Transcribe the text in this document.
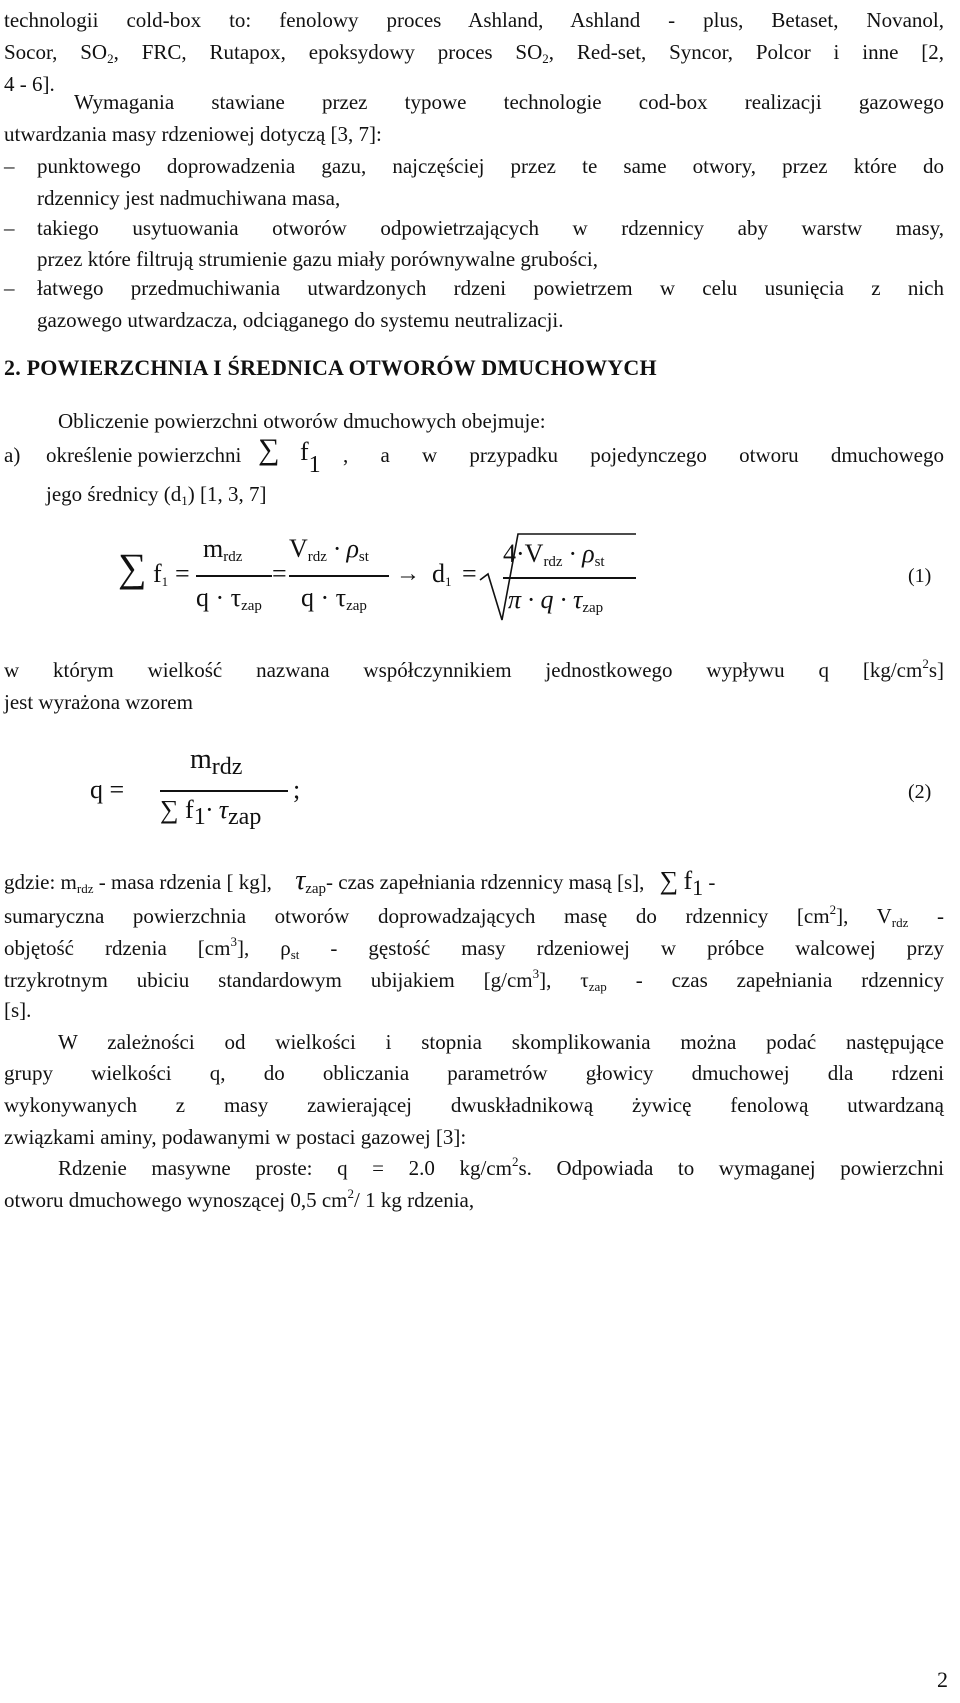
technologii cold-box to: fenolowy proces Ashland, Ashland - plus, Betaset, Novanol,
Socor, $SO_2$, FRC, Rutapox, epoksydowy proces $SO_2$, Red-set, Syncor, Polcor i inne [2,
4 - 6].
Wymagania stawiane przez typowe technologie cod-box realizacji gazowego
utwardzania masy rdzeniowej dotyczą [3, 7]:
– punktowego doprowadzenia gazu, najczęściej przez te same otwory, przez które do
rdzennicy jest nadmuchiwana masa,
– takiego usytuowania otworów odpowietrzających w rdzennicy aby warstw masy,
przez które filtrują strumienie gazu miały porównywalne grubości,
– łatwego przedmuchiwania utwardzonych rdzeni powietrzem w celu usunięcia z nich
gazowego utwardzacza, odciąganego do systemu neutralizacji.
2. POWIERZCHNIA I ŚREDNICA OTWORÓW DMUCHOWYCH
Obliczenie powierzchni otworów dmuchowych obejmuje:
a) określenie powierzchni ∑ f1 , a w przypadku pojedynczego otworu dmuchowego
jego średnicy $(d_1)$ [1, 3, 7]
∑ $f_1$ =
$m_{rdz}$
$q \cdot \tau_{zap}$
=
$V_{rdz} \cdot \rho_{st}$
$q \cdot \tau_{zap}$
→ $d_1$ =
$4\cdot V_{rdz} \cdot \rho_{st}$
$\pi \cdot q \cdot \tau_{zap}$
(1)
w którym wielkość nazwana współczynnikiem jednostkowego wypływu q $[kg/cm^2s]$
jest wyrażona wzorem
q =
mrdz
∑ f1· τzap
;	(2)
gdzie: $m_{rdz}$ - masa rdzenia [ kg], $\tau_{zap}-$ czas zapełniania rdzennicy masą [s], ∑ f1 -
sumaryczna powierzchnia otworów doprowadzających masę do rdzennicy $[cm^2]$, $V_{rdz}$ -
objętość rdzenia $[cm^3]$, $\rho_{st}$ - gęstość masy rdzeniowej w próbce walcowej przy
trzykrotnym ubiciu standardowym ubijakiem $[g/cm^3]$, $\tau_{zap}$ - czas zapełniania rdzennicy
[s].
W zależności od wielkości i stopnia skomplikowania można podać następujące
grupy wielkości q, do obliczania parametrów głowicy dmuchowej dla rdzeni
wykonywanych z masy zawierającej dwuskładnikową żywicę fenolową utwardzaną
związkami aminy, podawanymi w postaci gazowej [3]:
Rdzenie masywne proste: q = 2.0 $kg/cm^2s$. Odpowiada to wymaganej powierzchni
otworu dmuchowego wynoszącej 0,5 $cm^2/$ 1 kg rdzenia,
2
